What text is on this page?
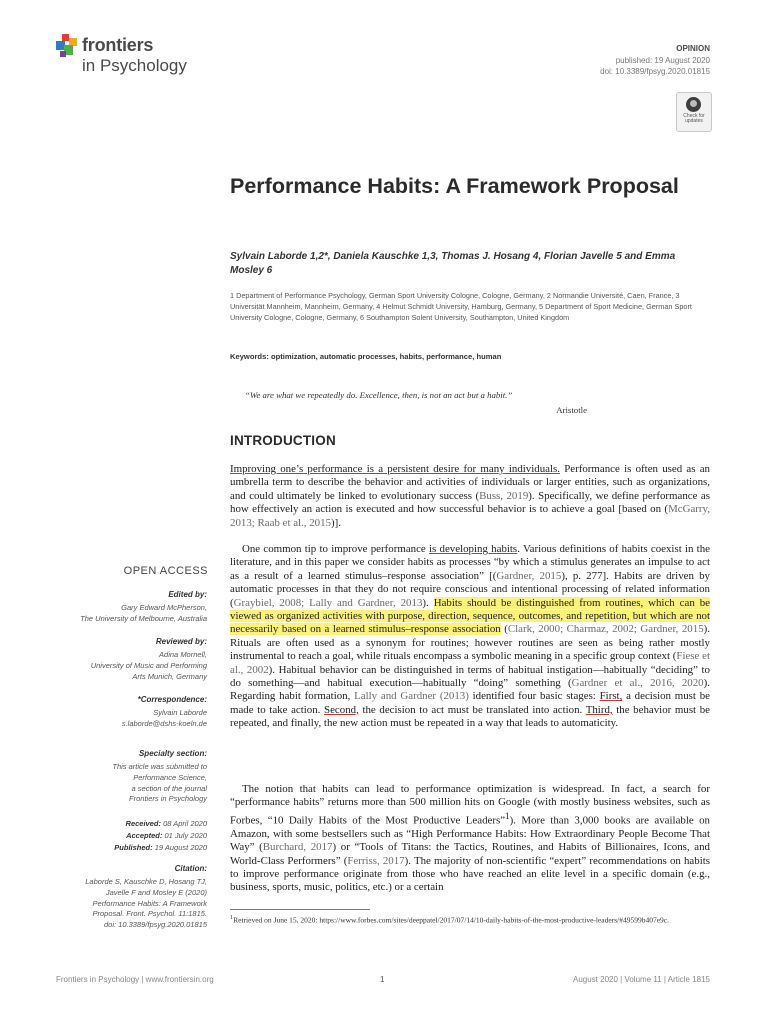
frontiers
in Psychology
OPINION
published: 19 August 2020
doi: 10.3389/fpsyg.2020.01815
Check for updates
Performance Habits: A Framework Proposal
Sylvain Laborde 1,2*, Daniela Kauschke 1,3, Thomas J. Hosang 4, Florian Javelle 5 and Emma Mosley 6
1 Department of Performance Psychology, German Sport University Cologne, Cologne, Germany, 2 Normandie Université, Caen, France, 3 Universität Mannheim, Mannheim, Germany, 4 Helmut Schmidt University, Hamburg, Germany, 5 Department of Sport Medicine, German Sport University Cologne, Cologne, Germany, 6 Southampton Solent University, Southampton, United Kingdom
Keywords: optimization, automatic processes, habits, performance, human
“We are what we repeatedly do. Excellence, then, is not an act but a habit.”
Aristotle
INTRODUCTION

Improving one’s performance is a persistent desire for many individuals. Performance is often used as an umbrella term to describe the behavior and activities of individuals or larger entities, such as organizations, and could ultimately be linked to evolutionary success (Buss, 2019). Specifically, we define performance as how effectively an action is executed and how successful behavior is to achieve a goal [based on (McGarry, 2013; Raab et al., 2015)].

One common tip to improve performance is developing habits. Various definitions of habits coexist in the literature, and in this paper we consider habits as processes “by which a stimulus generates an impulse to act as a result of a learned stimulus–response association” [(Gardner, 2015), p. 277]. Habits are driven by automatic processes in that they do not require conscious and intentional processing of related information (Graybiel, 2008; Lally and Gardner, 2013). Habits should be distinguished from routines, which can be viewed as organized activities with purpose, direction, sequence, outcomes, and repetition, but which are not necessarily based on a learned stimulus–response association (Clark, 2000; Charmaz, 2002; Gardner, 2015). Rituals are often used as a synonym for routines; however routines are seen as being rather mostly instrumental to reach a goal, while rituals encompass a symbolic meaning in a specific group context (Fiese et al., 2002). Habitual behavior can be distinguished in terms of habitual instigation—habitually “deciding” to do something—and habitual execution—habitually “doing” something (Gardner et al., 2016, 2020). Regarding habit formation, Lally and Gardner (2013) identified four basic stages: First, a decision must be made to take action. Second, the decision to act must be translated into action. Third, the behavior must be repeated, and finally, the new action must be repeated in a way that leads to automaticity.

The notion that habits can lead to performance optimization is widespread. In fact, a search for “performance habits” returns more than 500 million hits on Google (with mostly business websites, such as Forbes, “10 Daily Habits of the Most Productive Leaders”$^1$). More than 3,000 books are available on Amazon, with some bestsellers such as “High Performance Habits: How Extraordinary People Become That Way” (Burchard, 2017) or “Tools of Titans: the Tactics, Routines, and Habits of Billionaires, Icons, and World-Class Performers” (Ferriss, 2017). The majority of non-scientific “expert” recommendations on habits to improve performance originate from those who have reached an elite level in a specific domain (e.g., business, sports, music, politics, etc.) or a certain

$^1$Retrieved on June 15, 2020: https://www.forbes.com/sites/deeppatel/2017/07/14/10-daily-habits-of-the-most-productive-leaders/#49599b407e9c.
OPEN ACCESS
Edited by:
Gary Edward McPherson,
The University of Melbourne, Australia
Reviewed by:
Adina Mornell,
University of Music and Performing
Arts Munich, Germany
*Correspondence:
Sylvain Laborde
s.laborde@dshs-koeln.de
Specialty section:
This article was submitted to
Performance Science,
a section of the journal
Frontiers in Psychology
Received: 08 April 2020
Accepted: 01 July 2020
Published: 19 August 2020
Citation:
Laborde S, Kauschke D, Hosang TJ,
Javelle F and Mosley E (2020)
Performance Habits: A Framework
Proposal. Front. Psychol. 11:1815.
doi: 10.3389/fpsyg.2020.01815
Frontiers in Psychology | www.frontiersin.org	1	August 2020 | Volume 11 | Article 1815
